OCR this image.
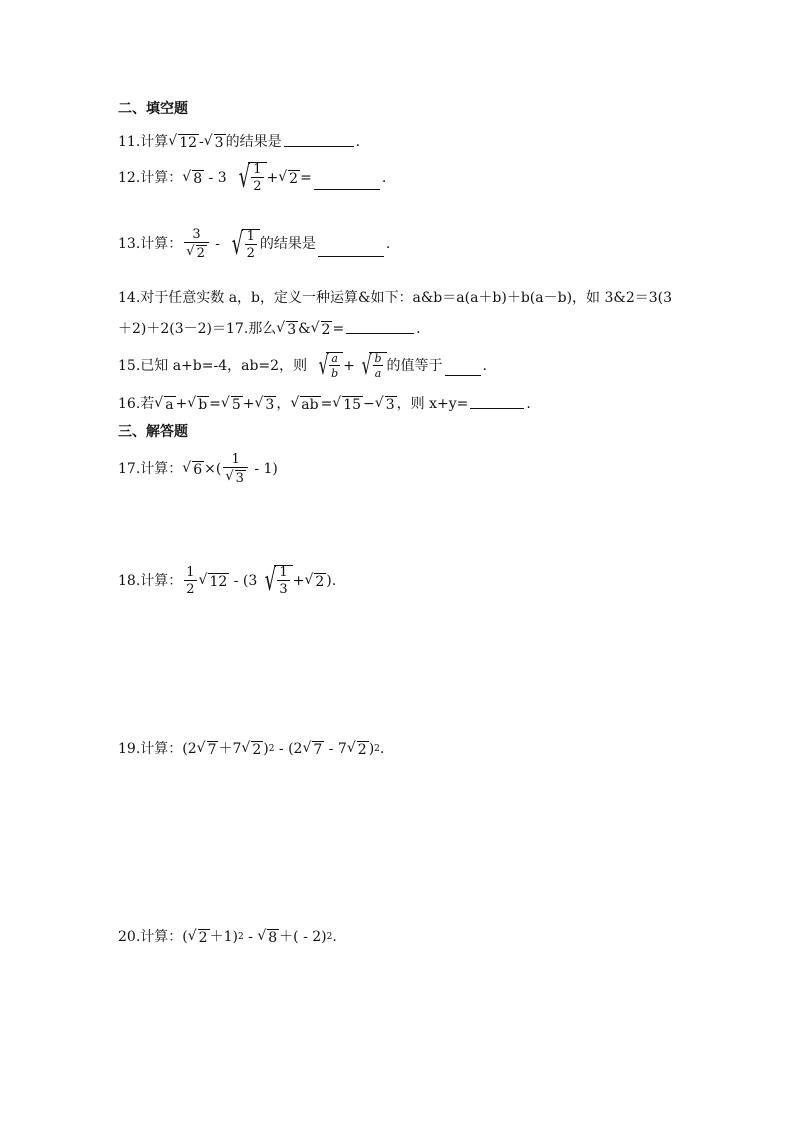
二、填空题
11. 计算 √ 12 - √ 3 的结果是	.
12. 计算： √ 8 - 3 √ $\frac{1}{2}$ + √ 2 =	.
13. 计算： $\frac{3}{√ 2}$ - √ $\frac{1}{2}$ 的结果是	.
14.对于任意实数 a，b，定义一种运算&如下：a&b＝a(a＋b)＋b(a－b)，如 3&2＝3(3
＋2)＋2(3－2)＝17.那么 √ 3 & √ 2 =	.
15.已知 a+b=-4，ab=2，则 √ $\frac{a}{b}$ + √ $\frac{b}{a}$ 的值等于	.
16. 若 √ a + √ b = √ 5 + √ 3 ， √ ab = √ 15 − √ 3 ，则 x+y=	.
三、解答题
17. 计算： √ 6 ×( $\frac{1}{√ 3} - 1$)
18. 计算： $\frac{1}{2}$ √ 12 - (3 √ $\frac{1}{3}$ + √ 2 ).
19. 计算： (2 √ 7 ＋7 √ 2 ) 2 - (2 √ 7 - 7 √ 2 ) 2 .
20. 计算： ( √ 2 ＋1) 2 - √ 8 ＋( - 2) 2 .
